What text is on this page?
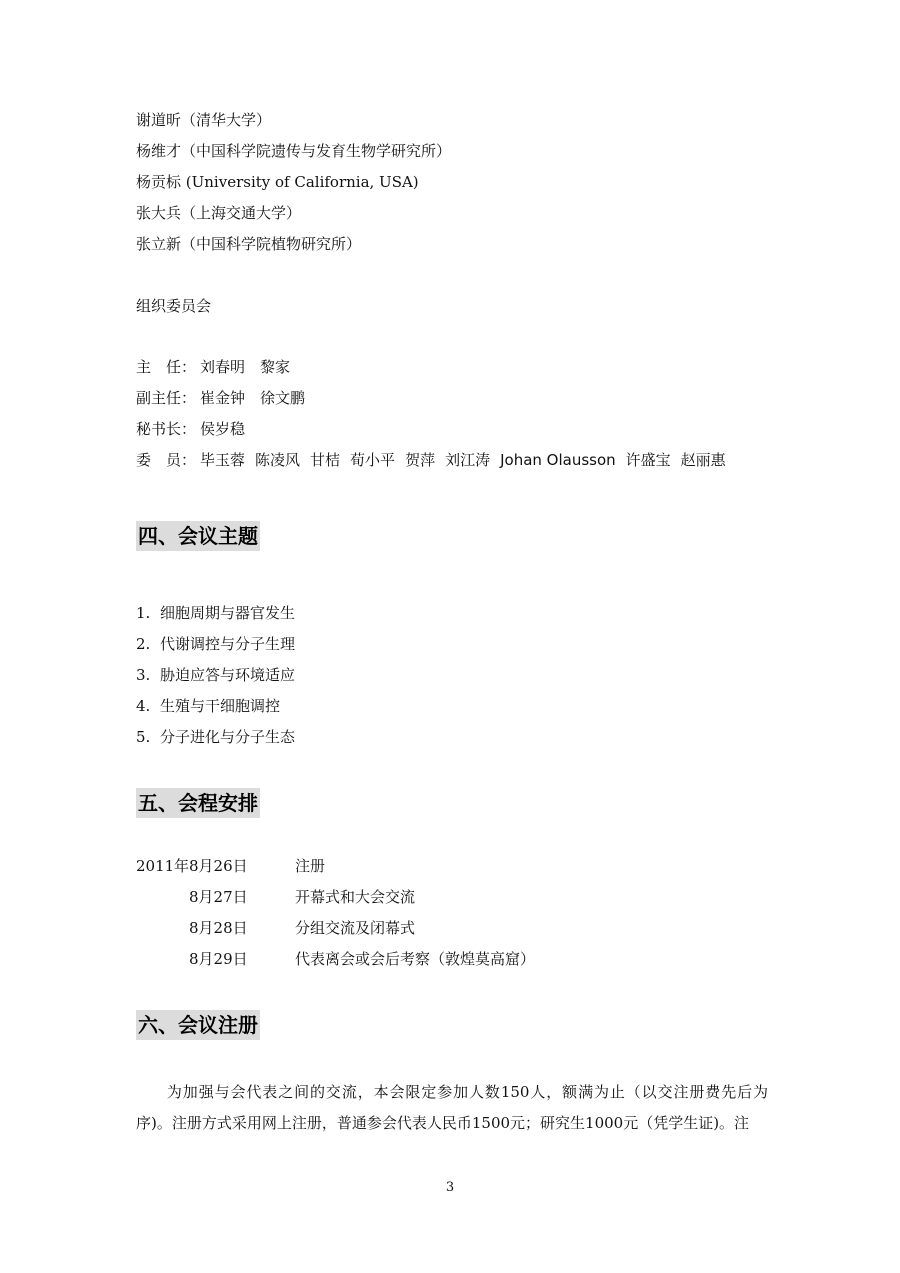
谢道昕（清华大学）
杨维才（中国科学院遗传与发育生物学研究所）
杨贡标 (University of California, USA)
张大兵（上海交通大学）
张立新（中国科学院植物研究所）
组织委员会
主　任： 刘春明　黎家
副主任： 崔金钟　徐文鹏
秘书长： 侯岁稳
委　员： 毕玉蓉 陈凌风 甘桔 荀小平 贺萍 刘江涛 Johan Olausson 许盛宝 赵丽惠
四、会议主题
1. 细胞周期与器官发生
2. 代谢调控与分子生理
3. 胁迫应答与环境适应
4. 生殖与干细胞调控
5. 分子进化与分子生态
五、会程安排
2011年 8月26日	注册
8月27日	开幕式和大会交流
8月28日	分组交流及闭幕式
8月29日	代表离会或会后考察（敦煌莫高窟）
六、会议注册
为加强与会代表之间的交流，本会限定参加人数150人，额满为止（以交注册费先后为序)。注册方式采用网上注册，普通参会代表人民币1500元；研究生1000元（凭学生证)。注
3
